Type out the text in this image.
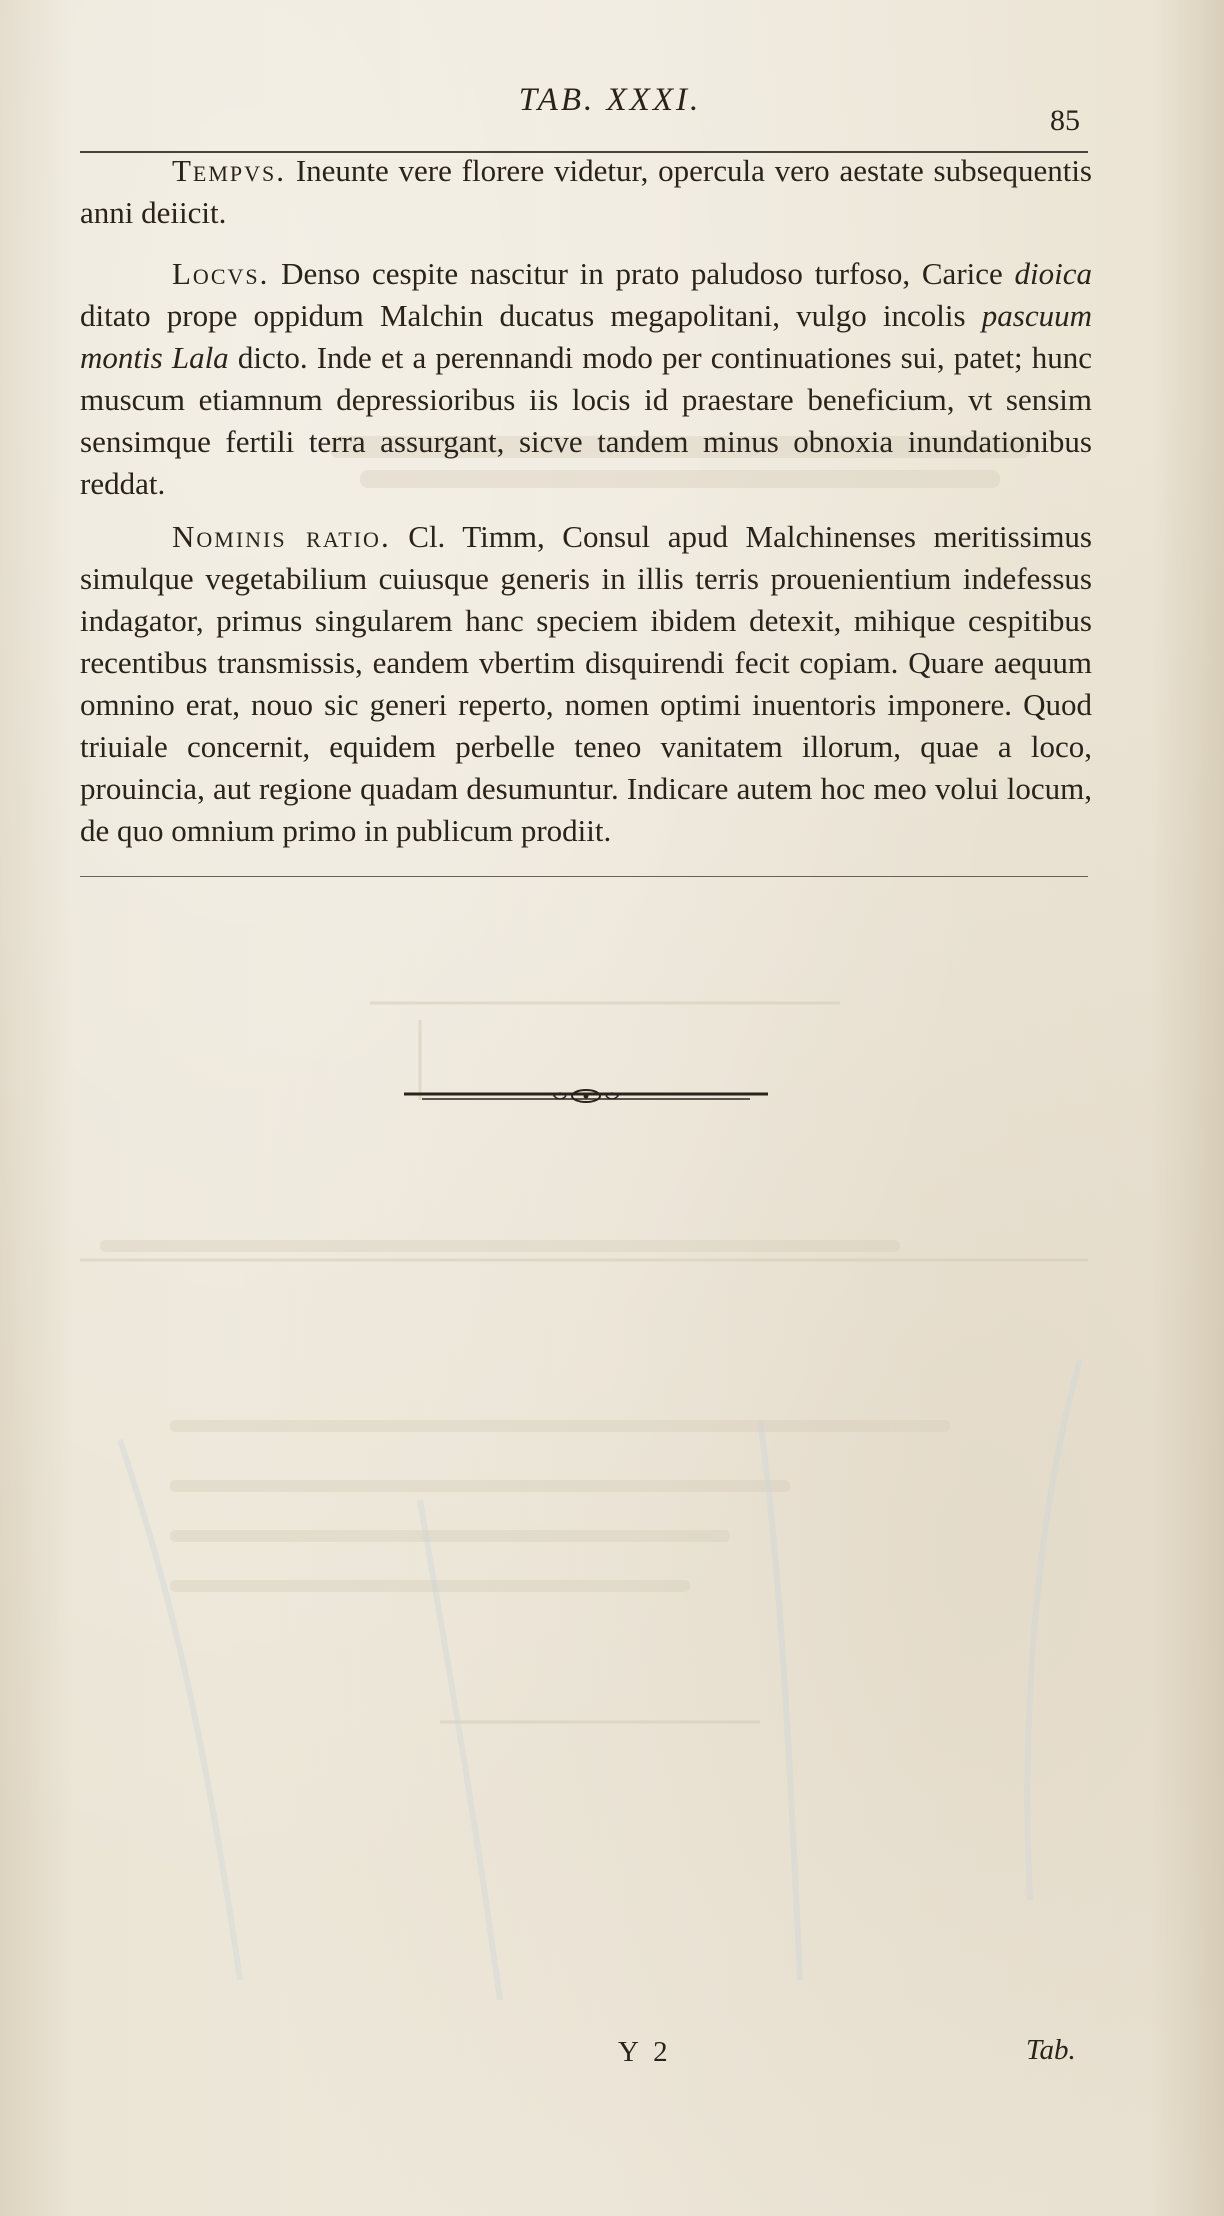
TAB. XXXI.
85
Tempvs. Ineunte vere florere videtur, opercula vero aestate subsequentis anni deiicit.
Locvs. Denso cespite nascitur in prato paludoso turfoso, Carice dioica ditato prope oppidum Malchin ducatus megapolitani, vulgo incolis pascuum montis Lala dicto. Inde et a perennandi modo per continuationes sui, patet; hunc muscum etiamnum depressioribus iis locis id praestare beneficium, vt sensim sensimque fertili terra assurgant, sicve tandem minus obnoxia inundationibus reddat.
Nominis ratio. Cl. Timm, Consul apud Malchinenses meritissimus simulque vegetabilium cuiusque generis in illis terris prouenientium indefessus indagator, primus singularem hanc speciem ibidem detexit, mihique cespitibus recentibus transmissis, eandem vbertim disquirendi fecit copiam. Quare aequum omnino erat, nouo sic generi reperto, nomen optimi inuentoris imponere. Quod triuiale concernit, equidem perbelle teneo vanitatem illorum, quae a loco, prouincia, aut regione quadam desumuntur. Indicare autem hoc meo volui locum, de quo omnium primo in publicum prodiit.
Y 2	Tab.
